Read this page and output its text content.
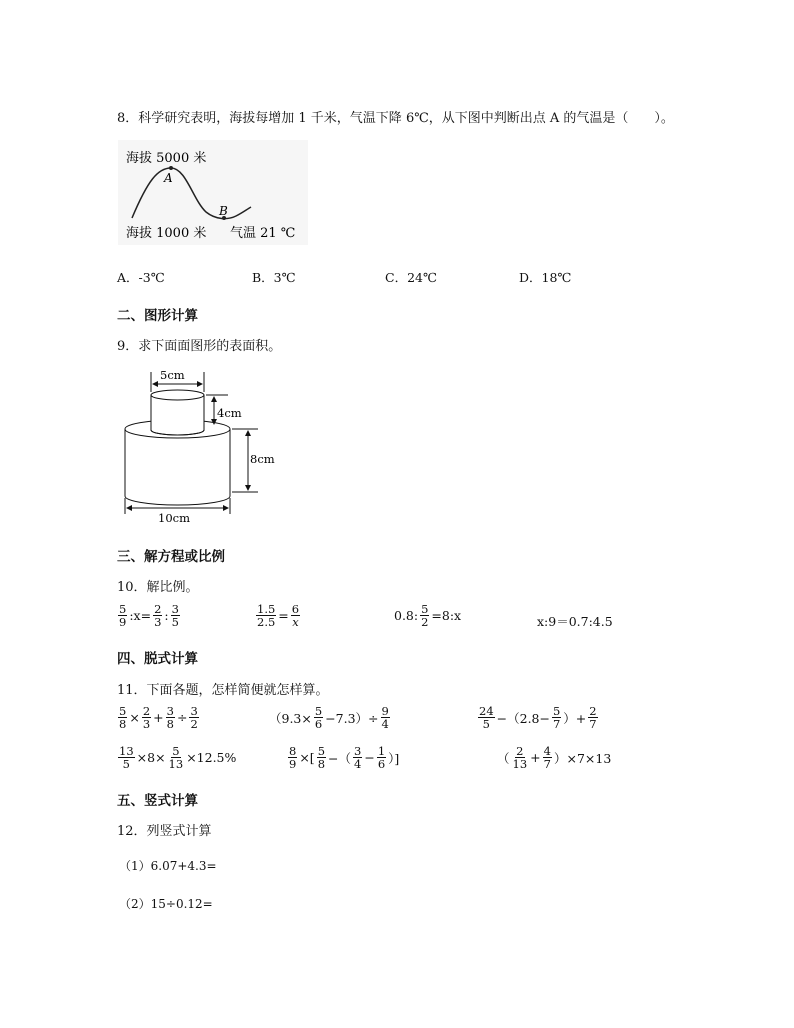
8．科学研究表明，海拔每增加 1 千米，气温下降 6℃，从下图中判断出点 A 的气温是（　　）。
海拔 5000 米
A
B
海拔 1000 米 气温 21 ℃
A．-3℃	B．3℃	C．24℃	D．18℃
二、图形计算
9．求下面面图形的表面积。
5cm
4cm
8cm
10cm
三、解方程或比例
10．解比例。
$\frac{5}{9}$ :x= $\frac{2}{3}$ : $\frac{3}{5}$	$\frac{1.5}{2.5} = \frac{6}{x}$	0.8: $\frac{5}{2}$ =8:x	x:9＝0.7:4.5
四、脱式计算
11．下面各题，怎样简便就怎样算。
$\frac{5}{8} \times \frac{2}{3} + \frac{3}{8} \div \frac{3}{2}$	$(9.3\times \frac{5}{6} -7.3)\div \frac{9}{4}$	$\frac{24}{5} -(2.8- \frac{5}{7}$ ）+ $\frac{2}{7}$
$\frac{13}{5} \times 8\times \frac{5}{13} \times 12.5\%$	$\frac{8}{9}$ ×[ $\frac{5}{8}$ −（ $\frac{3}{4} - \frac{1}{6}$ ）]	（ $\frac{2}{13} + \frac{4}{7} )\times 7\times 13$
五、竖式计算
12．列竖式计算
（1）6.07+4.3=
（2）15÷0.12=
